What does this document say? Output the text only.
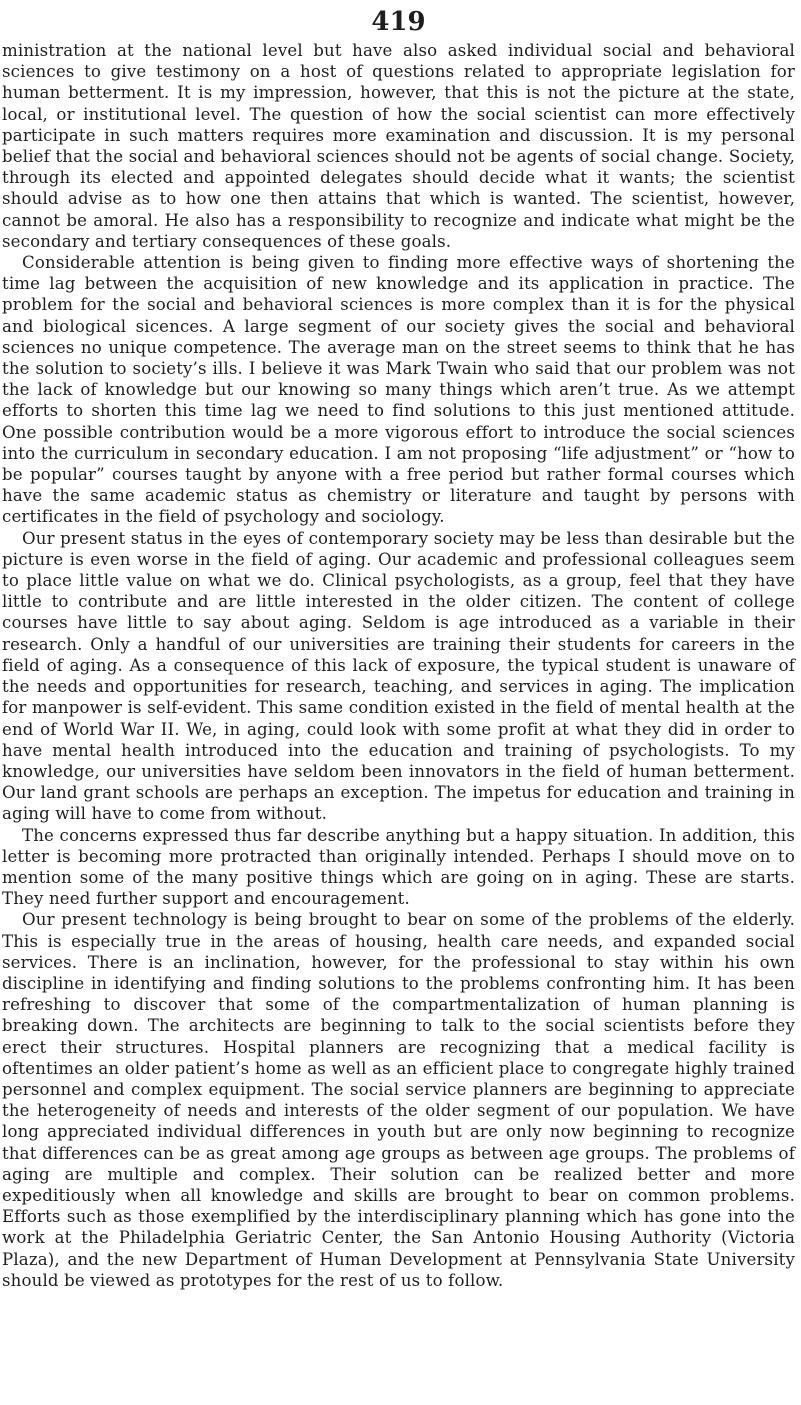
419

ministration at the national level but have also asked individual social and behavioral sciences to give testimony on a host of questions related to appropriate legislation for human betterment. It is my impression, however, that this is not the picture at the state, local, or institutional level. The question of how the social scientist can more effectively participate in such matters requires more examination and discussion. It is my personal belief that the social and behavioral sciences should not be agents of social change. Society, through its elected and appointed delegates should decide what it wants; the scientist should advise as to how one then attains that which is wanted. The scientist, however, cannot be amoral. He also has a responsibility to recognize and indicate what might be the secondary and tertiary consequences of these goals.

Considerable attention is being given to finding more effective ways of shortening the time lag between the acquisition of new knowledge and its application in practice. The problem for the social and behavioral sciences is more complex than it is for the physical and biological sicences. A large segment of our society gives the social and behavioral sciences no unique competence. The average man on the street seems to think that he has the solution to society’s ills. I believe it was Mark Twain who said that our problem was not the lack of knowledge but our knowing so many things which aren’t true. As we attempt efforts to shorten this time lag we need to find solutions to this just mentioned attitude. One possible contribution would be a more vigorous effort to introduce the social sciences into the curriculum in secondary education. I am not proposing “life adjustment” or “how to be popular” courses taught by anyone with a free period but rather formal courses which have the same academic status as chemistry or literature and taught by persons with certificates in the field of psychology and sociology.

Our present status in the eyes of contemporary society may be less than desirable but the picture is even worse in the field of aging. Our academic and professional colleagues seem to place little value on what we do. Clinical psychologists, as a group, feel that they have little to contribute and are little interested in the older citizen. The content of college courses have little to say about aging. Seldom is age introduced as a variable in their research. Only a handful of our universities are training their students for careers in the field of aging. As a consequence of this lack of exposure, the typical student is unaware of the needs and opportunities for research, teaching, and services in aging. The implication for manpower is self-evident. This same condition existed in the field of mental health at the end of World War II. We, in aging, could look with some profit at what they did in order to have mental health introduced into the education and training of psychologists. To my knowledge, our universities have seldom been innovators in the field of human betterment. Our land grant schools are perhaps an exception. The impetus for education and training in aging will have to come from without.

The concerns expressed thus far describe anything but a happy situation. In addition, this letter is becoming more protracted than originally intended. Perhaps I should move on to mention some of the many positive things which are going on in aging. These are starts. They need further support and encouragement.

Our present technology is being brought to bear on some of the problems of the elderly. This is especially true in the areas of housing, health care needs, and expanded social services. There is an inclination, however, for the professional to stay within his own discipline in identifying and finding solutions to the problems confronting him. It has been refreshing to discover that some of the compartmentalization of human planning is breaking down. The architects are beginning to talk to the social scientists before they erect their structures. Hospital planners are recognizing that a medical facility is oftentimes an older patient’s home as well as an efficient place to congregate highly trained personnel and complex equipment. The social service planners are beginning to appreciate the heterogeneity of needs and interests of the older segment of our population. We have long appreciated individual differences in youth but are only now beginning to recognize that differences can be as great among age groups as between age groups. The problems of aging are multiple and complex. Their solution can be realized better and more expeditiously when all knowledge and skills are brought to bear on common problems. Efforts such as those exemplified by the interdisciplinary planning which has gone into the work at the Philadelphia Geriatric Center, the San Antonio Housing Authority (Victoria Plaza), and the new Department of Human Development at Pennsylvania State University should be viewed as prototypes for the rest of us to follow.
